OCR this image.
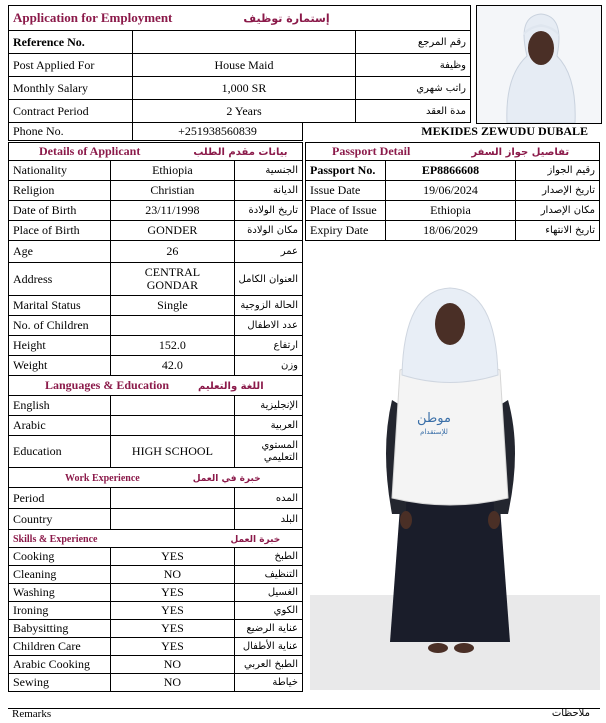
Application for Employment إستمارة توظيف		
Reference No.		رقم المرجع
Post Applied For	House Maid	وظيفة
Monthly Salary	1,000 SR	راتب شهري
Contract Period	2 Years	مدة العقد
Phone No.	+251938560839	MEKIDES ZEWUDU DUBALE
Details of Applicant بيانات مقدم الطلب		
Nationality	Ethiopia	الجنسية
Religion	Christian	الديانة
Date of Birth	23/11/1998	تاريخ الولادة
Place of Birth	GONDER	مكان الولادة
Age	26	عمر
Address	CENTRAL GONDAR	العنوان الكامل
Marital Status	Single	الحالة الزوجية
No. of Children		عدد الاطفال
Height	152.0	ارتفاع
Weight	42.0	وزن
Languages & Education اللغة والتعليم		
English		الإنجليزية
Arabic		العربية
Education	HIGH SCHOOL	المستوي التعليمي
Work Experience خبرة في العمل		
Period		المده
Country		البلد
Skills & Experience خبرة العمل		
Cooking	YES	الطبخ
Cleaning	NO	التنظيف
Washing	YES	الغسيل
Ironing	YES	الكوي
Babysitting	YES	عناية الرضيع
Children Care	YES	عناية الأطفال
Arabic Cooking	NO	الطبخ العربي
Sewing	NO	خياطة
Passport Detail تفاصيل جواز السفر		
Passport No.	EP8866608	رقيم الجواز
Issue Date	19/06/2024	تاريخ الإصدار
Place of Issue	Ethiopia	مكان الإصدار
Expiry Date	18/06/2029	تاريخ الانتهاء
موطن
للإستقدام
Remarks	ملاحظات
